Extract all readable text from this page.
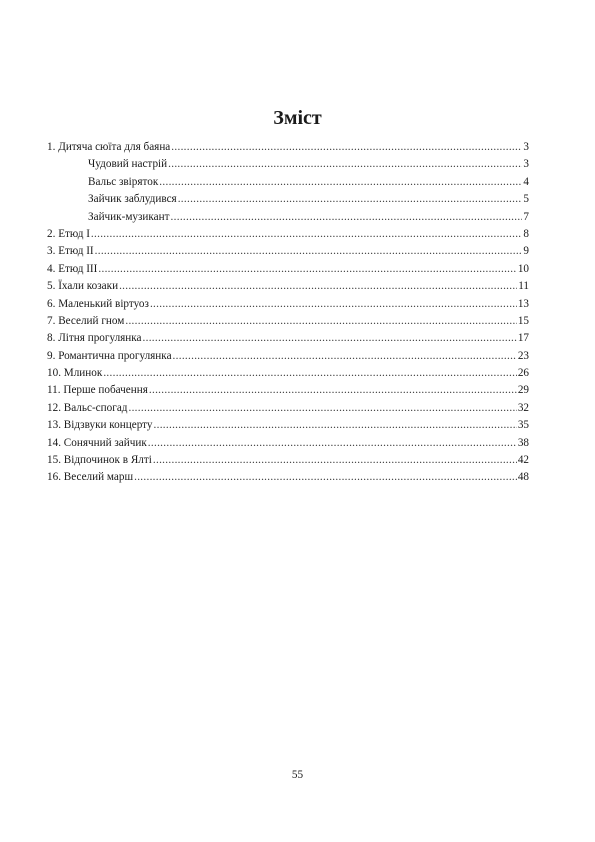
Зміст
1. Дитяча сюїта для баяна .....	3
Чудовий настрій .....	3
Вальс звіряток .....	4
Зайчик заблудився .....	5
Зайчик-музикант .....	7
2. Етюд I .....	8
3. Етюд II .....	9
4. Етюд III .....	10
5. Їхали козаки .....	11
6. Маленький віртуоз .....	13
7. Веселий гном .....	15
8. Літня прогулянка .....	17
9. Романтична прогулянка .....	23
10. Млинок .....	26
11. Перше побачення .....	29
12. Вальс-спогад .....	32
13. Відзвуки концерту .....	35
14. Сонячний зайчик .....	38
15. Відпочинок в Ялті .....	42
16. Веселий марш .....	48
55
